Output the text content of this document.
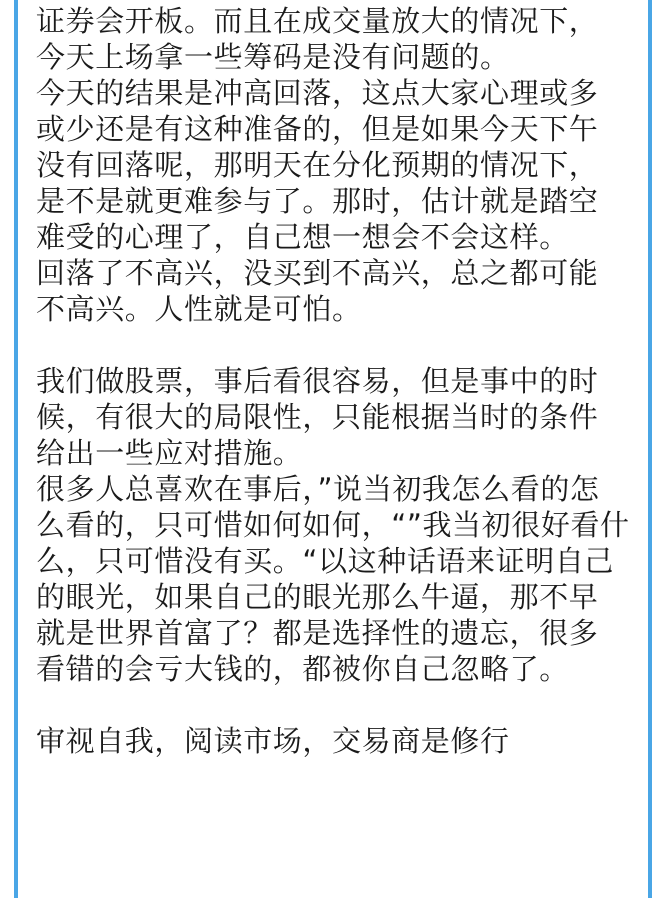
证券会开板。而且在成交量放大的情况下，
今天上场拿一些筹码是没有问题的。
今天的结果是冲高回落，这点大家心理或多
或少还是有这种准备的，但是如果今天下午
没有回落呢，那明天在分化预期的情况下，
是不是就更难参与了。那时，估计就是踏空
难受的心理了，自己想一想会不会这样。
回落了不高兴，没买到不高兴，总之都可能
不高兴。人性就是可怕。
我们做股票，事后看很容易，但是事中的时
候，有很大的局限性，只能根据当时的条件
给出一些应对措施。
很多人总喜欢在事后，”说当初我怎么看的怎
么看的，只可惜如何如何，“”我当初很好看什
么，只可惜没有买。“以这种话语来证明自己
的眼光，如果自己的眼光那么牛逼，那不早
就是世界首富了？都是选择性的遗忘，很多
看错的会亏大钱的，都被你自己忽略了。
审视自我，阅读市场，交易商是修行
